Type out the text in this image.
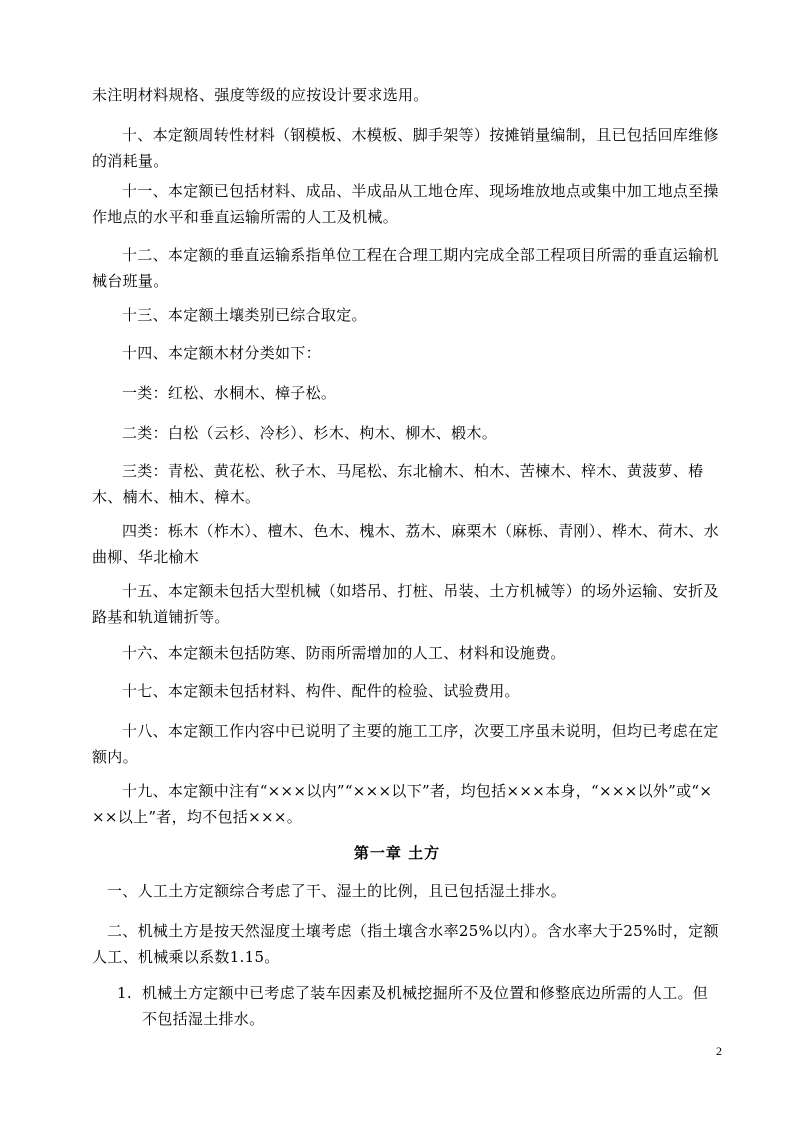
未注明材料规格、强度等级的应按设计要求选用。

十、本定额周转性材料（钢模板、木模板、脚手架等）按摊销量编制，且已包括回库维修的消耗量。

十一、本定额已包括材料、成品、半成品从工地仓库、现场堆放地点或集中加工地点至操作地点的水平和垂直运输所需的人工及机械。

十二、本定额的垂直运输系指单位工程在合理工期内完成全部工程项目所需的垂直运输机械台班量。

十三、本定额土壤类别已综合取定。

十四、本定额木材分类如下：

一类：红松、水桐木、樟子松。

二类：白松（云杉、冷杉）、杉木、枸木、柳木、椴木。

三类：青松、黄花松、秋子木、马尾松、东北榆木、柏木、苦楝木、梓木、黄菠萝、椿木、楠木、柚木、樟木。

四类：栎木（柞木）、檀木、色木、槐木、荔木、麻栗木（麻栎、青刚）、桦木、荷木、水曲柳、华北榆木

十五、本定额未包括大型机械（如塔吊、打桩、吊装、土方机械等）的场外运输、安折及路基和轨道铺折等。

十六、本定额未包括防寒、防雨所需增加的人工、材料和设施费。

十七、本定额未包括材料、构件、配件的检验、试验费用。

十八、本定额工作内容中已说明了主要的施工工序，次要工序虽未说明，但均已考虑在定额内。

十九、本定额中注有“×××以内”“×××以下”者，均包括×××本身，“×××以外”或“×××以上”者，均不包括×××。

第一章 土方

一、人工土方定额综合考虑了干、湿土的比例，且已包括湿土排水。

二、机械土方是按天然湿度土壤考虑（指土壤含水率25%以内）。含水率大于25%时，定额人工、机械乘以系数1.15。

1. 机械土方定额中已考虑了装车因素及机械挖掘所不及位置和修整底边所需的人工。但不包括湿土排水。
2
